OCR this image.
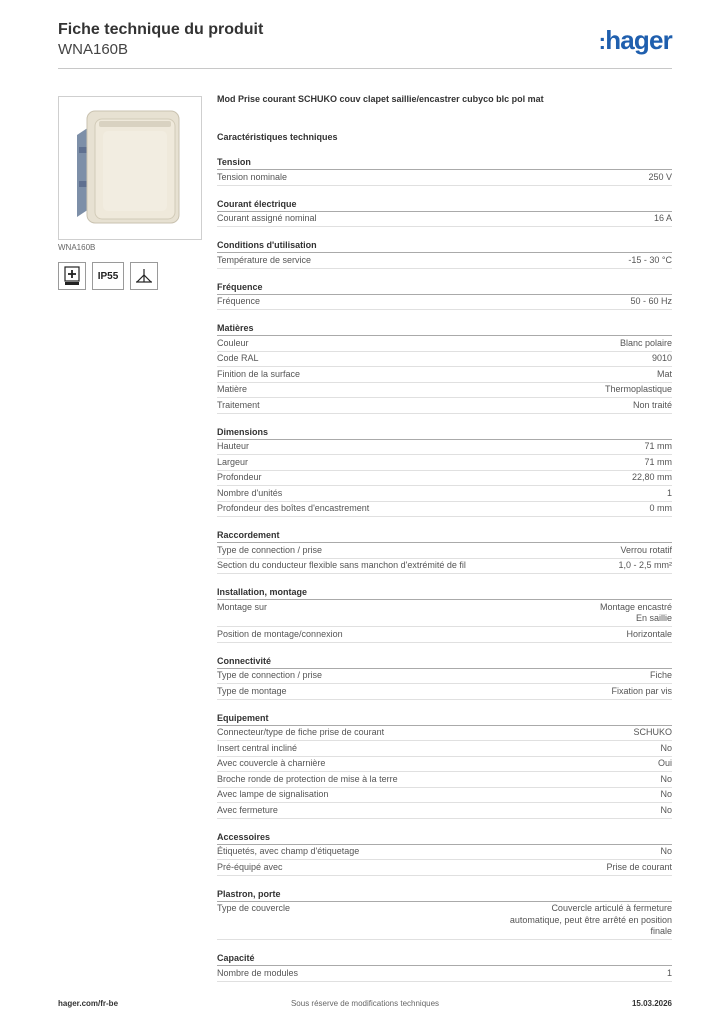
Fiche technique du produit
WNA160B	:hager
WNA160B
IP55
Mod Prise courant SCHUKO couv clapet saillie/encastrer cubyco blc pol mat
Caractéristiques techniques
Tension
Tension nominale	250 V
Courant électrique
Courant assigné nominal	16 A
Conditions d'utilisation
Température de service	-15 - 30 °C
Fréquence
Fréquence	50 - 60 Hz
Matières
Couleur	Blanc polaire
Code RAL	9010
Finition de la surface	Mat
Matière	Thermoplastique
Traitement	Non traité
Dimensions
Hauteur	71 mm
Largeur	71 mm
Profondeur	22,80 mm
Nombre d'unités	1
Profondeur des boîtes d'encastrement	0 mm
Raccordement
Type de connection / prise	Verrou rotatif
Section du conducteur flexible sans manchon d'extrémité de fil	1,0 - 2,5 mm²
Installation, montage
Montage sur	Montage encastré
En saillie
Position de montage/connexion	Horizontale
Connectivité
Type de connection / prise	Fiche
Type de montage	Fixation par vis
Equipement
Connecteur/type de fiche prise de courant	SCHUKO
Insert central incliné	No
Avec couvercle à charnière	Oui
Broche ronde de protection de mise à la terre	No
Avec lampe de signalisation	No
Avec fermeture	No
Accessoires
Étiquetés, avec champ d'étiquetage	No
Pré-équipé avec	Prise de courant
Plastron, porte
Type de couvercle	Couvercle articulé à fermeture
automatique, peut être arrêté en position
finale
Capacité
Nombre de modules	1
hager.com/fr-be	Sous réserve de modifications techniques	15.03.2026
